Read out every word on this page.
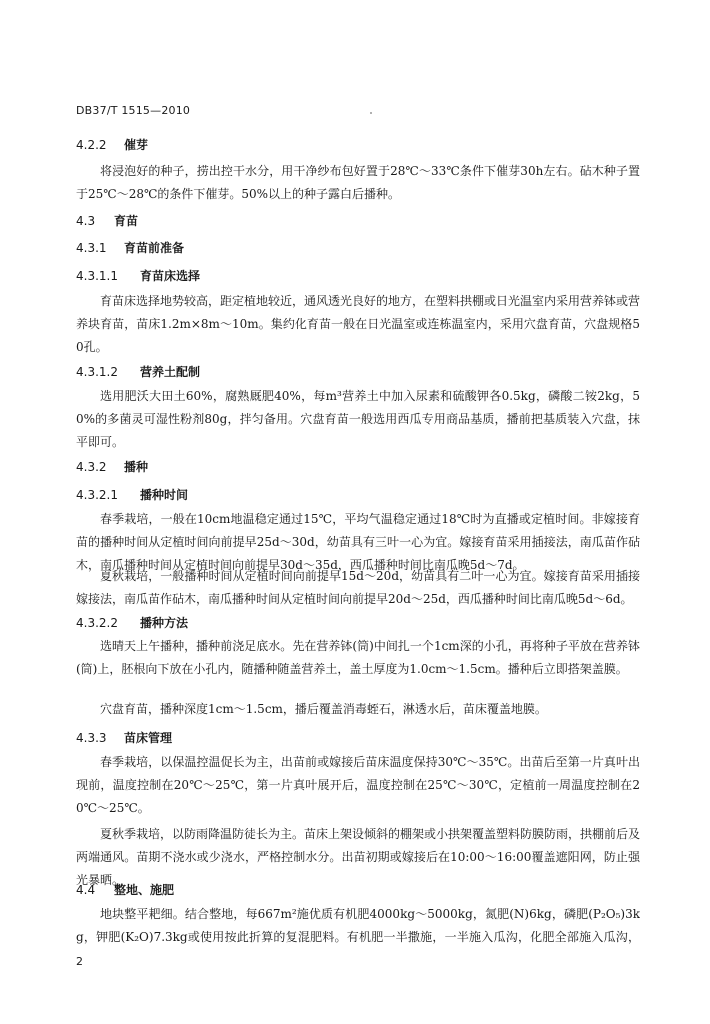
DB37/T 1515—2010
4.2.2 催芽
将浸泡好的种子，捞出控干水分，用干净纱布包好置于28℃～33℃条件下催芽30h左右。砧木种子置于25℃～28℃的条件下催芽。50%以上的种子露白后播种。
4.3 育苗
4.3.1 育苗前准备
4.3.1.1 育苗床选择
育苗床选择地势较高，距定植地较近，通风透光良好的地方，在塑料拱棚或日光温室内采用营养钵或营养块育苗，苗床1.2m×8m～10m。集约化育苗一般在日光温室或连栋温室内，采用穴盘育苗，穴盘规格50孔。
4.3.1.2 营养土配制
选用肥沃大田土60%，腐熟厩肥40%，每m³营养土中加入尿素和硫酸钾各0.5kg，磷酸二铵2kg，50%的多菌灵可湿性粉剂80g，拌匀备用。穴盘育苗一般选用西瓜专用商品基质，播前把基质装入穴盘，抹平即可。
4.3.2 播种
4.3.2.1 播种时间
春季栽培，一般在10cm地温稳定通过15℃，平均气温稳定通过18℃时为直播或定植时间。非嫁接育苗的播种时间从定植时间向前提早25d～30d，幼苗具有三叶一心为宜。嫁接育苗采用插接法，南瓜苗作砧木，南瓜播种时间从定植时间向前提早30d～35d，西瓜播种时间比南瓜晚5d～7d。
夏秋栽培，一般播种时间从定植时间向前提早15d～20d，幼苗具有二叶一心为宜。嫁接育苗采用插接嫁接法，南瓜苗作砧木，南瓜播种时间从定植时间向前提早20d～25d，西瓜播种时间比南瓜晚5d～6d。
4.3.2.2 播种方法
选晴天上午播种，播种前浇足底水。先在营养钵(筒)中间扎一个1cm深的小孔，再将种子平放在营养钵(筒)上，胚根向下放在小孔内，随播种随盖营养土，盖土厚度为1.0cm～1.5cm。播种后立即搭架盖膜。
穴盘育苗，播种深度1cm～1.5cm，播后覆盖消毒蛭石，淋透水后，苗床覆盖地膜。
4.3.3 苗床管理
春季栽培，以保温控温促长为主，出苗前或嫁接后苗床温度保持30℃～35℃。出苗后至第一片真叶出现前，温度控制在20℃～25℃，第一片真叶展开后，温度控制在25℃～30℃，定植前一周温度控制在20℃～25℃。
夏秋季栽培，以防雨降温防徒长为主。苗床上架设倾斜的棚架或小拱架覆盖塑料防膜防雨，拱棚前后及两端通风。苗期不浇水或少浇水，严格控制水分。出苗初期或嫁接后在10:00～16:00覆盖遮阳网，防止强光暴晒。
4.4 整地、施肥
地块整平耙细。结合整地，每667m²施优质有机肥4000kg～5000kg，氮肥(N)6kg，磷肥(P₂O₅)3kg，钾肥(K₂O)7.3kg或使用按此折算的复混肥料。有机肥一半撒施，一半施入瓜沟，化肥全部施入瓜沟，
2
